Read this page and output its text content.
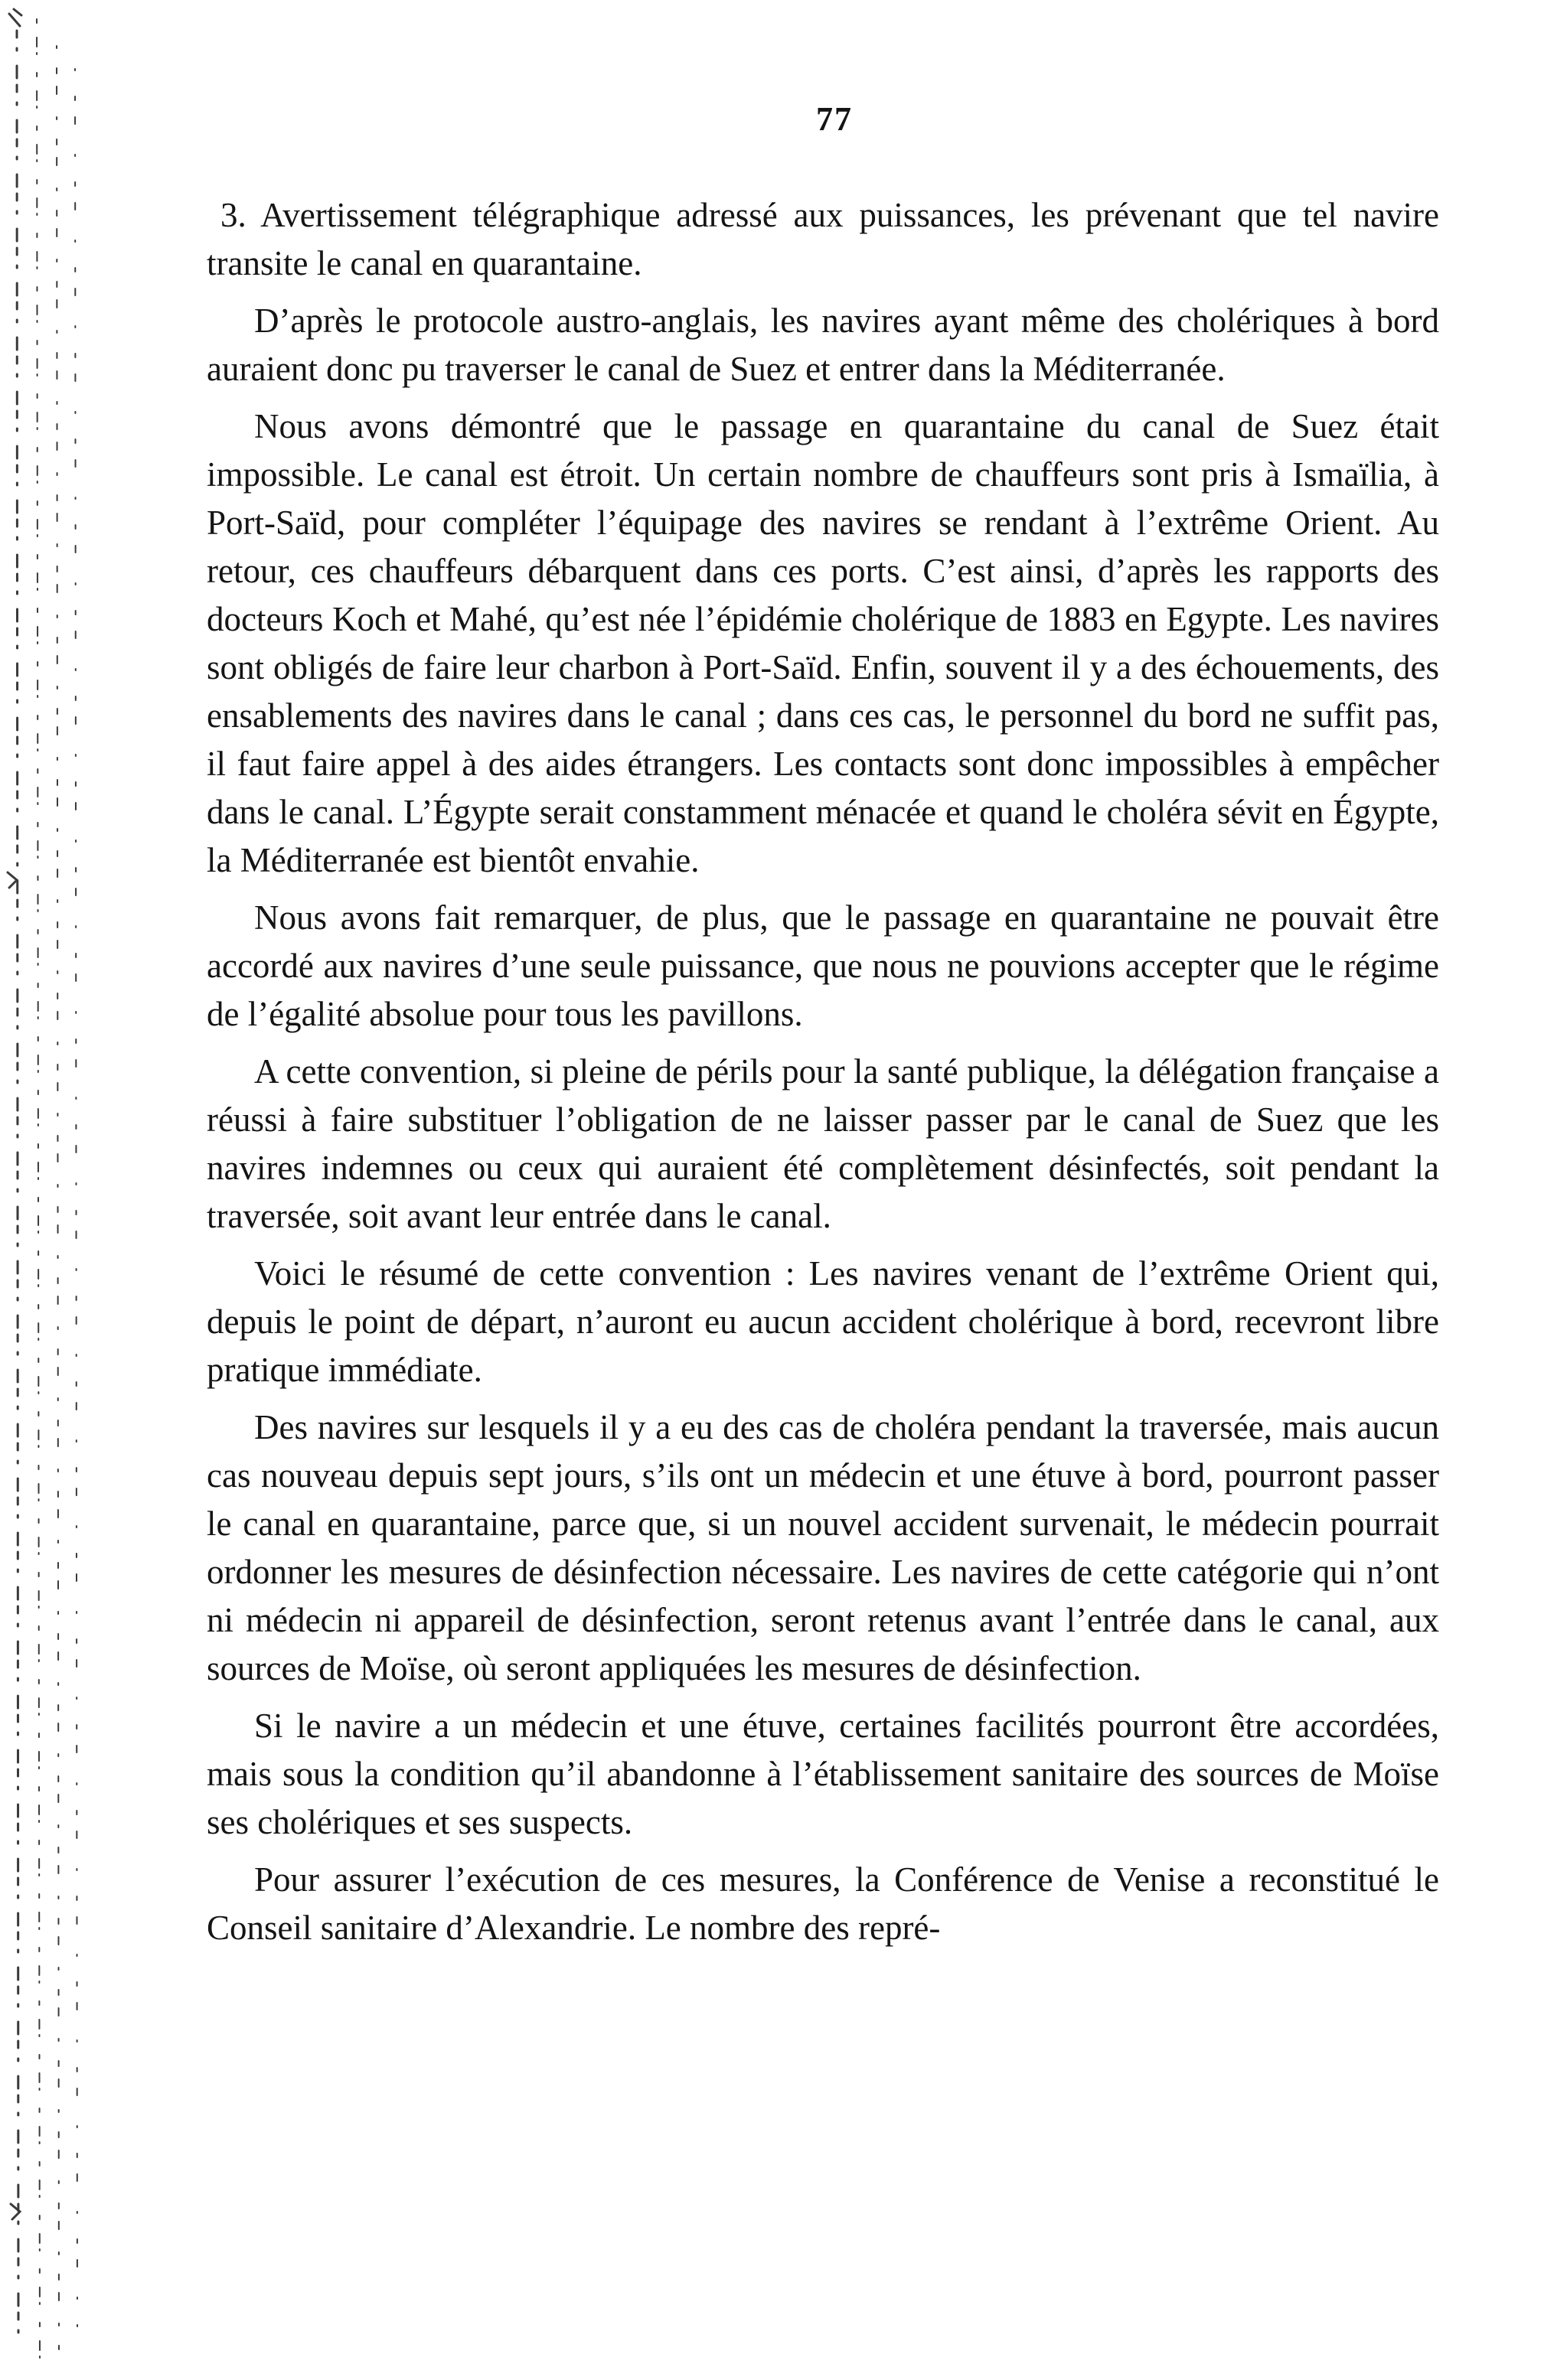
77

3. Avertissement télégraphique adressé aux puissances, les prévenant que tel navire transite le canal en quarantaine.

D’après le protocole austro-anglais, les navires ayant même des cholériques à bord auraient donc pu traverser le canal de Suez et entrer dans la Méditerranée.

Nous avons démontré que le passage en quarantaine du canal de Suez était impossible. Le canal est étroit. Un certain nombre de chauffeurs sont pris à Ismaïlia, à Port-Saïd, pour compléter l’équipage des navires se rendant à l’extrême Orient. Au retour, ces chauffeurs débarquent dans ces ports. C’est ainsi, d’après les rapports des docteurs Koch et Mahé, qu’est née l’épidémie cholérique de 1883 en Egypte. Les navires sont obligés de faire leur charbon à Port-Saïd. Enfin, souvent il y a des échouements, des ensablements des navires dans le canal ; dans ces cas, le personnel du bord ne suffit pas, il faut faire appel à des aides étrangers. Les contacts sont donc impossibles à empêcher dans le canal. L’Égypte serait constamment ménacée et quand le choléra sévit en Égypte, la Méditerranée est bientôt envahie.

Nous avons fait remarquer, de plus, que le passage en quarantaine ne pouvait être accordé aux navires d’une seule puissance, que nous ne pouvions accepter que le régime de l’égalité absolue pour tous les pavillons.

A cette convention, si pleine de périls pour la santé publique, la délégation française a réussi à faire substituer l’obligation de ne laisser passer par le canal de Suez que les navires indemnes ou ceux qui auraient été complètement désinfectés, soit pendant la traversée, soit avant leur entrée dans le canal.

Voici le résumé de cette convention : Les navires venant de l’extrême Orient qui, depuis le point de départ, n’auront eu aucun accident cholérique à bord, recevront libre pratique immédiate.

Des navires sur lesquels il y a eu des cas de choléra pendant la traversée, mais aucun cas nouveau depuis sept jours, s’ils ont un médecin et une étuve à bord, pourront passer le canal en quarantaine, parce que, si un nouvel accident survenait, le médecin pourrait ordonner les mesures de désinfection nécessaire. Les navires de cette catégorie qui n’ont ni médecin ni appareil de désinfection, seront retenus avant l’entrée dans le canal, aux sources de Moïse, où seront appliquées les mesures de désinfection.

Si le navire a un médecin et une étuve, certaines facilités pourront être accordées, mais sous la condition qu’il abandonne à l’établissement sanitaire des sources de Moïse ses cholériques et ses suspects.

Pour assurer l’exécution de ces mesures, la Conférence de Venise a reconstitué le Conseil sanitaire d’Alexandrie. Le nombre des repré-
